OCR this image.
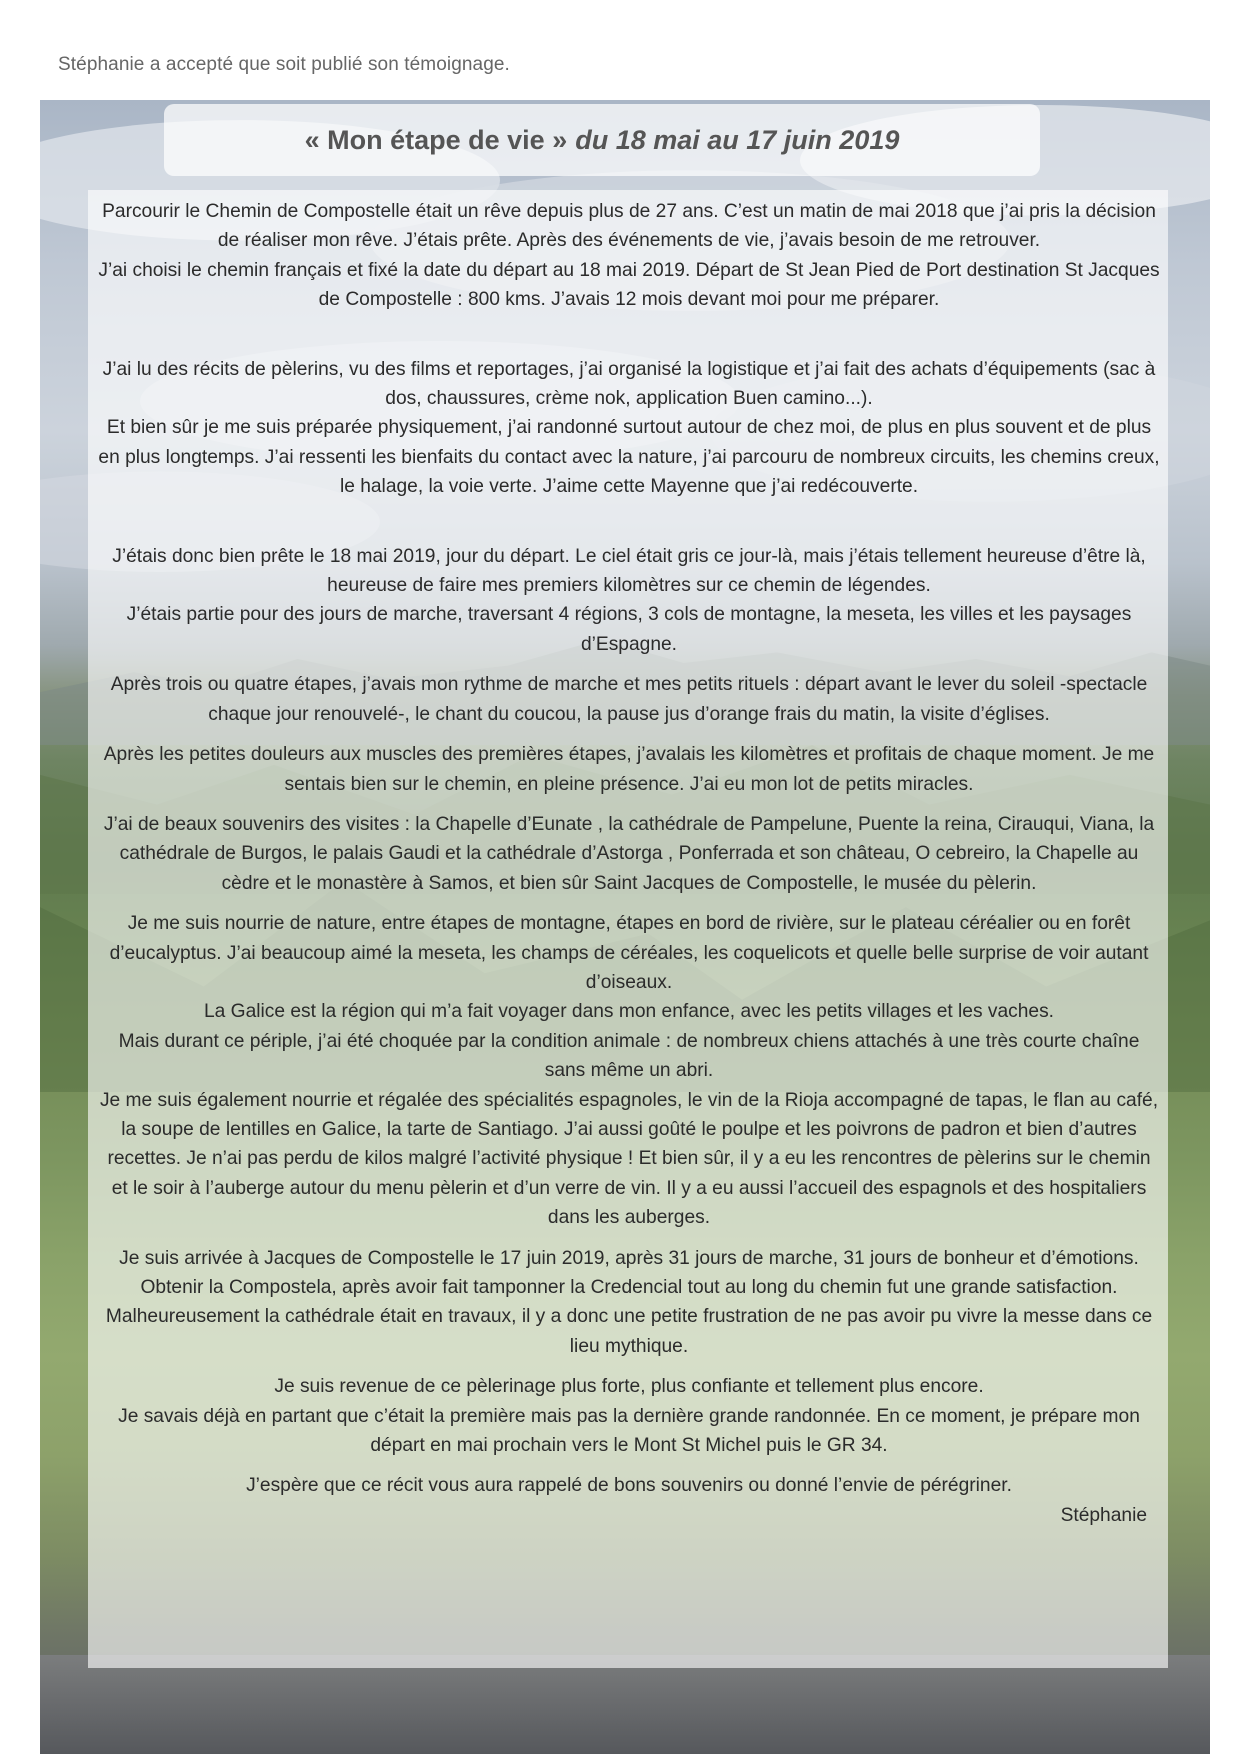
Stéphanie a accepté que soit publié son témoignage.
« Mon étape de vie » du 18 mai au 17 juin 2019

Parcourir le Chemin de Compostelle était un rêve depuis plus de 27 ans. C’est un matin de mai 2018 que j’ai pris la décision de réaliser mon rêve. J’étais prête. Après des événements de vie, j’avais besoin de me retrouver.

J’ai choisi le chemin français et fixé la date du départ au 18 mai 2019. Départ de St Jean Pied de Port destination St Jacques de Compostelle : 800 kms. J’avais 12 mois devant moi pour me préparer.

J’ai lu des récits de pèlerins, vu des films et reportages, j’ai organisé la logistique et j’ai fait des achats d’équipements (sac à dos, chaussures, crème nok, application Buen camino...).

Et bien sûr je me suis préparée physiquement, j’ai randonné surtout autour de chez moi, de plus en plus souvent et de plus en plus longtemps. J’ai ressenti les bienfaits du contact avec la nature, j’ai parcouru de nombreux circuits, les chemins creux, le halage, la voie verte. J’aime cette Mayenne que j’ai redécouverte.

J’étais donc bien prête le 18 mai 2019, jour du départ. Le ciel était gris ce jour-là, mais j’étais tellement heureuse d’être là, heureuse de faire mes premiers kilomètres sur ce chemin de légendes.

J’étais partie pour des jours de marche, traversant 4 régions, 3 cols de montagne, la meseta, les villes et les paysages d’Espagne.

Après trois ou quatre étapes, j’avais mon rythme de marche et mes petits rituels : départ avant le lever du soleil -spectacle chaque jour renouvelé-, le chant du coucou, la pause jus d’orange frais du matin, la visite d’églises.

Après les petites douleurs aux muscles des premières étapes, j’avalais les kilomètres et profitais de chaque moment. Je me sentais bien sur le chemin, en pleine présence. J’ai eu mon lot de petits miracles.

J’ai de beaux souvenirs des visites : la Chapelle d’Eunate , la cathédrale de Pampelune, Puente la reina, Cirauqui, Viana, la cathédrale de Burgos, le palais Gaudi et la cathédrale d’Astorga , Ponferrada et son château, O cebreiro, la Chapelle au cèdre et le monastère à Samos, et bien sûr Saint Jacques de Compostelle, le musée du pèlerin.

Je me suis nourrie de nature, entre étapes de montagne, étapes en bord de rivière, sur le plateau céréalier ou en forêt d’eucalyptus. J’ai beaucoup aimé la meseta, les champs de céréales, les coquelicots et quelle belle surprise de voir autant d’oiseaux.

La Galice est la région qui m’a fait voyager dans mon enfance, avec les petits villages et les vaches.

Mais durant ce périple, j’ai été choquée par la condition animale : de nombreux chiens attachés à une très courte chaîne sans même un abri.

Je me suis également nourrie et régalée des spécialités espagnoles, le vin de la Rioja accompagné de tapas, le flan au café, la soupe de lentilles en Galice, la tarte de Santiago. J’ai aussi goûté le poulpe et les poivrons de padron et bien d’autres recettes. Je n’ai pas perdu de kilos malgré l’activité physique ! Et bien sûr, il y a eu les rencontres de pèlerins sur le chemin et le soir à l’auberge autour du menu pèlerin et d’un verre de vin. Il y a eu aussi l’accueil des espagnols et des hospitaliers dans les auberges.

Je suis arrivée à Jacques de Compostelle le 17 juin 2019, après 31 jours de marche, 31 jours de bonheur et d’émotions. Obtenir la Compostela, après avoir fait tamponner la Credencial tout au long du chemin fut une grande satisfaction. Malheureusement la cathédrale était en travaux, il y a donc une petite frustration de ne pas avoir pu vivre la messe dans ce lieu mythique.

Je suis revenue de ce pèlerinage plus forte, plus confiante et tellement plus encore.

Je savais déjà en partant que c’était la première mais pas la dernière grande randonnée. En ce moment, je prépare mon départ en mai prochain vers le Mont St Michel puis le GR 34.

J’espère que ce récit vous aura rappelé de bons souvenirs ou donné l’envie de pérégriner.

Stéphanie
